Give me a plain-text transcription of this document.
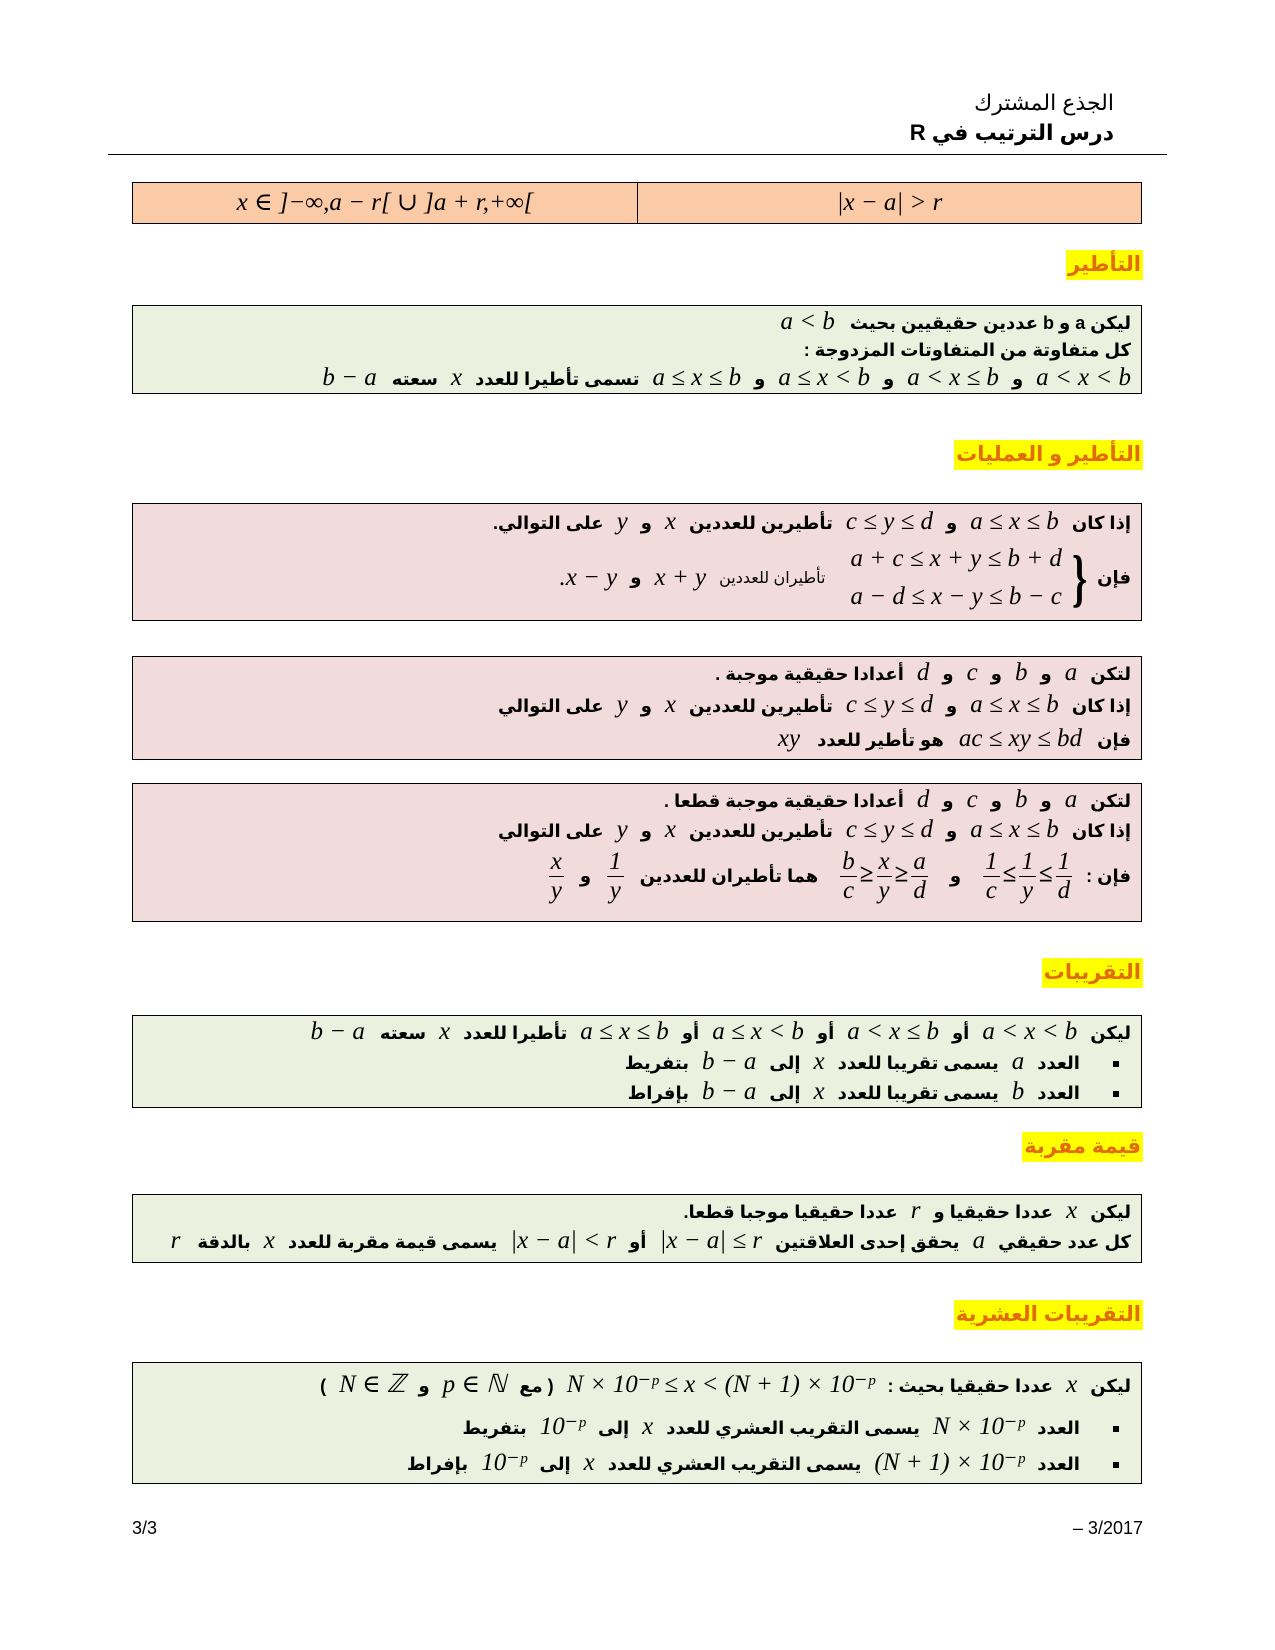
الجذع المشترك
درس الترتيب في R
x ∈ ]−∞,a − r[ ∪ ]a + r,+∞[	|x − a| > r
التأطير
ليكن a و b عددين حقيقيين بحيث a < b
كل متفاوتة من المتفاوتات المزدوجة :
a < x < b و a < x ≤ b و a ≤ x < b و a ≤ x ≤ b تسمى تأطيرا للعدد x سعته b − a
التأطير و العمليات
إذا كان a ≤ x ≤ b و c ≤ y ≤ d تأطيرين للعددين x و y على التوالي.
فإن {
a + c ≤ x + y ≤ b + d
a − d ≤ x − y ≤ b − c
تأطيران للعددين x + y و .x − y
لتكن a و b و c و d أعدادا حقيقية موجبة .
إذا كان a ≤ x ≤ b و c ≤ y ≤ d تأطيرين للعددين x و y على التوالي
فإن ac ≤ xy ≤ bd هو تأطير للعدد xy
لتكن a و b و c و d أعدادا حقيقية موجبة قطعا .
إذا كان a ≤ x ≤ b و c ≤ y ≤ d تأطيرين للعددين x و y على التوالي
فإن :
$\frac{1}{c} \le \frac{1}{y} \le \frac{1}{d}$
و
$\frac{b}{c} \ge \frac{x}{y} \ge \frac{a}{d}$
هما تأطيران للعددين
$\frac{1}{y}$
و
$\frac{x}{y}$
التقريبات
ليكن a < x < b أو a < x ≤ b أو a ≤ x < b أو a ≤ x ≤ b تأطيرا للعدد x سعته b − a
العدد a يسمى تقريبا للعدد x إلى b − a بتفريط
العدد b يسمى تقريبا للعدد x إلى b − a بإفراط
قيمة مقربة
ليكن x عددا حقيقيا و r عددا حقيقيا موجبا قطعا.
كل عدد حقيقي a يحقق إحدى العلاقتين |x − a| ≤ r أو |x − a| < r يسمى قيمة مقربة للعدد x بالدقة r
التقريبات العشرية
ليكن x عددا حقيقيا بحيث : N × 10⁻ᵖ ≤ x < (N + 1) × 10⁻ᵖ ( مع p ∈ ℕ و N ∈ ℤ )
العدد N × 10⁻ᵖ يسمى التقريب العشري للعدد x إلى 10⁻ᵖ بتفريط
العدد (N + 1) × 10⁻ᵖ يسمى التقريب العشري للعدد x إلى 10⁻ᵖ بإفراط
3/3	– 3/2017
